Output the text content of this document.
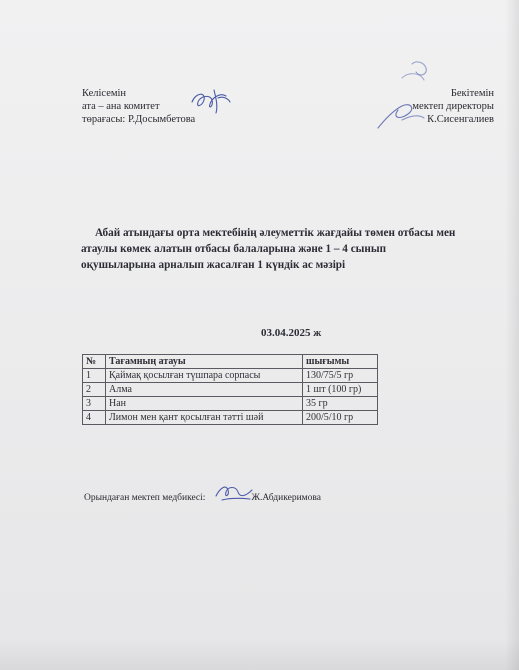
Келісемін
ата – ана комитет
төрағасы: Р.Досымбетова
Бекітемін
мектеп директоры
К.Сисенгалиев
Абай атындағы орта мектебінің әлеуметтік жағдайы төмен отбасы мен
атаулы көмек алатын отбасы балаларына және 1 – 4 сынып
оқушыларына арналып жасалған 1 күндік ас мәзірі
03.04.2025 ж
№	Тағамның атауы	шығымы
1	Қаймақ қосылған түшпара сорпасы	130/75/5 гр
2	Алма	1 шт (100 гр)
3	Нан	35 гр
4	Лимон мен қант қосылған тәтті шәй	200/5/10 гр
Орындаған мектеп медбикесі:	Ж.Абдикеримова
